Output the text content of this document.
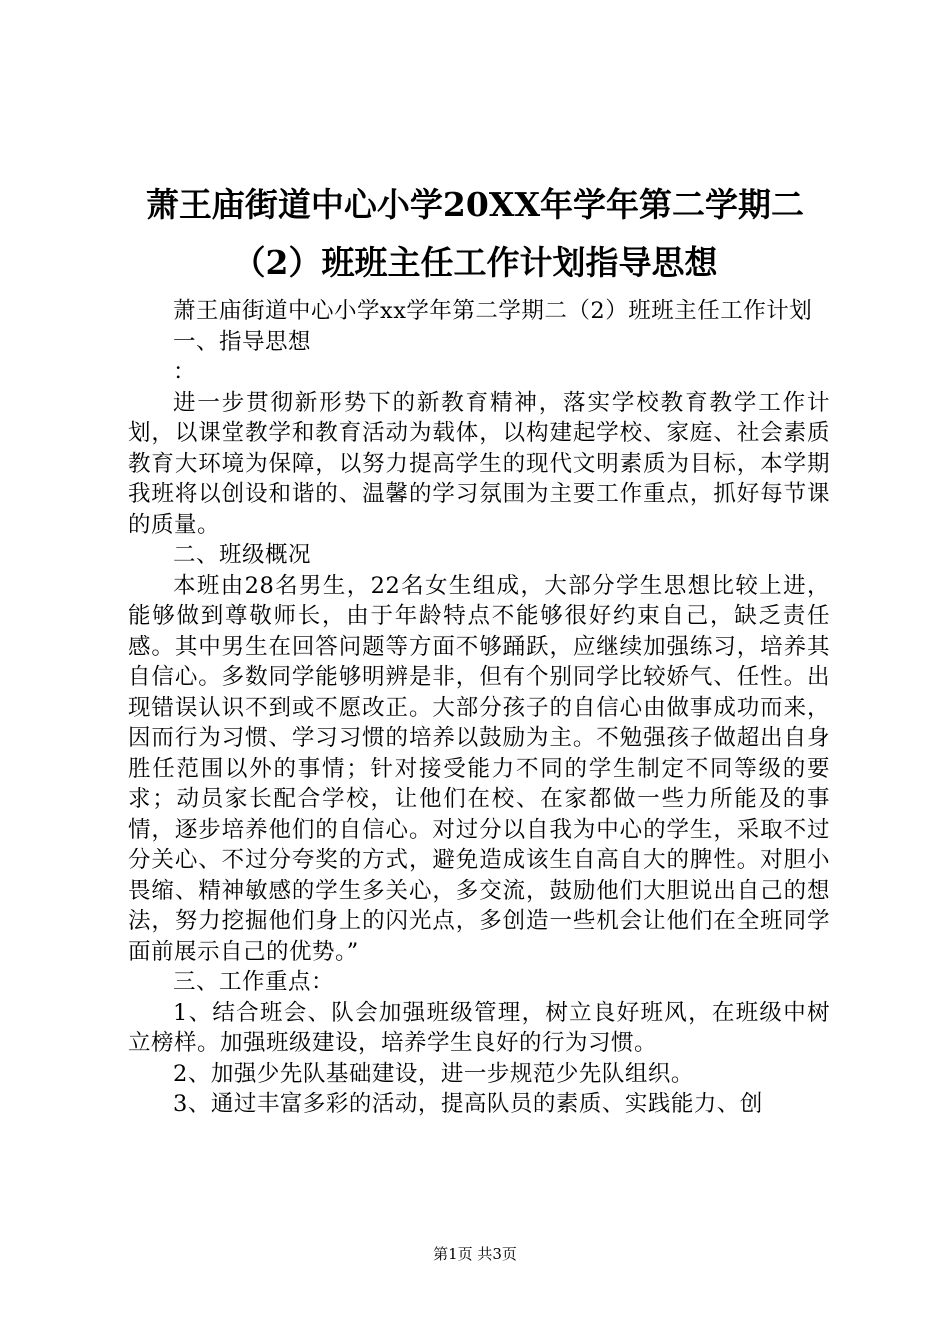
萧王庙街道中心小学20XX年学年第二学期二
（2）班班主任工作计划指导思想

萧王庙街道中心小学xx学年第二学期二（2）班班主任工作计划

一、指导思想

：

进一步贯彻新形势下的新教育精神，落实学校教育教学工作计划，以课堂教学和教育活动为载体，以构建起学校、家庭、社会素质教育大环境为保障，以努力提高学生的现代文明素质为目标，本学期我班将以创设和谐的、温馨的学习氛围为主要工作重点，抓好每节课的质量。

二、班级概况

本班由28名男生，22名女生组成，大部分学生思想比较上进，能够做到尊敬师长，由于年龄特点不能够很好约束自己，缺乏责任感。其中男生在回答问题等方面不够踊跃，应继续加强练习，培养其自信心。多数同学能够明辨是非，但有个别同学比较娇气、任性。出现错误认识不到或不愿改正。大部分孩子的自信心由做事成功而来，因而行为习惯、学习习惯的培养以鼓励为主。不勉强孩子做超出自身胜任范围以外的事情；针对接受能力不同的学生制定不同等级的要求；动员家长配合学校，让他们在校、在家都做一些力所能及的事情，逐步培养他们的自信心。对过分以自我为中心的学生，采取不过分关心、不过分夸奖的方式，避免造成该生自高自大的脾性。对胆小畏缩、精神敏感的学生多关心，多交流，鼓励他们大胆说出自己的想法，努力挖掘他们身上的闪光点，多创造一些机会让他们在全班同学面前展示自己的优势。”

三、工作重点：

1、结合班会、队会加强班级管理，树立良好班风，在班级中树立榜样。加强班级建设，培养学生良好的行为习惯。

2、加强少先队基础建设，进一步规范少先队组织。

3、通过丰富多彩的活动，提高队员的素质、实践能力、创

第1页 共3页
